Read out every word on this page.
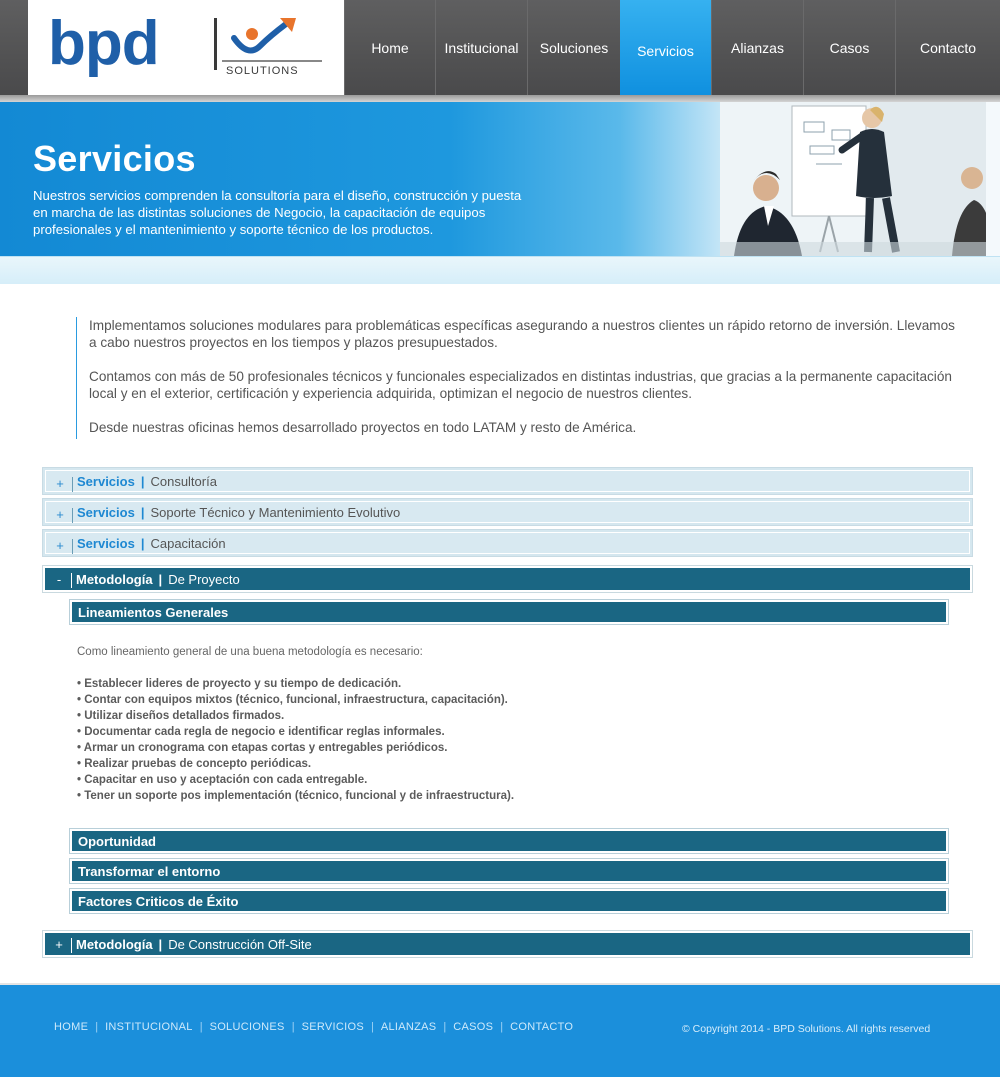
bpd	SOLUTIONS
Home	Institucional	Soluciones	Servicios	Alianzas	Casos	Contacto
Servicios
Nuestros servicios comprenden la consultoría para el diseño, construcción y puesta en marcha de las distintas soluciones de Negocio, la capacitación de equipos profesionales y el mantenimiento y soporte técnico de los productos.

Implementamos soluciones modulares para problemáticas específicas asegurando a nuestros clientes un rápido retorno de inversión. Llevamos a cabo nuestros proyectos en los tiempos y plazos presupuestados.

Contamos con más de 50 profesionales técnicos y funcionales especializados en distintas industrias, que gracias a la permanente capacitación local y en el exterior, certificación y experiencia adquirida, optimizan el negocio de nuestros clientes.

Desde nuestras oficinas hemos desarrollado proyectos en todo LATAM y resto de América.

+ Servicios | Consultoría
+ Servicios | Soporte Técnico y Mantenimiento Evolutivo
+ Servicios | Capacitación
- Metodología | De Proyecto
Lineamientos Generales
Como lineamiento general de una buena metodología es necesario:
• Establecer lideres de proyecto y su tiempo de dedicación.
• Contar con equipos mixtos (técnico, funcional, infraestructura, capacitación).
• Utilizar diseños detallados firmados.
• Documentar cada regla de negocio e identificar reglas informales.
• Armar un cronograma con etapas cortas y entregables periódicos.
• Realizar pruebas de concepto periódicas.
• Capacitar en uso y aceptación con cada entregable.
• Tener un soporte pos implementación (técnico, funcional y de infraestructura).
Oportunidad
Transformar el entorno
Factores Criticos de Éxito
+ Metodología | De Construcción Off-Site
HOME | INSTITUCIONAL | SOLUCIONES | SERVICIOS | ALIANZAS | CASOS | CONTACTO	© Copyright 2014 - BPD Solutions. All rights reserved
